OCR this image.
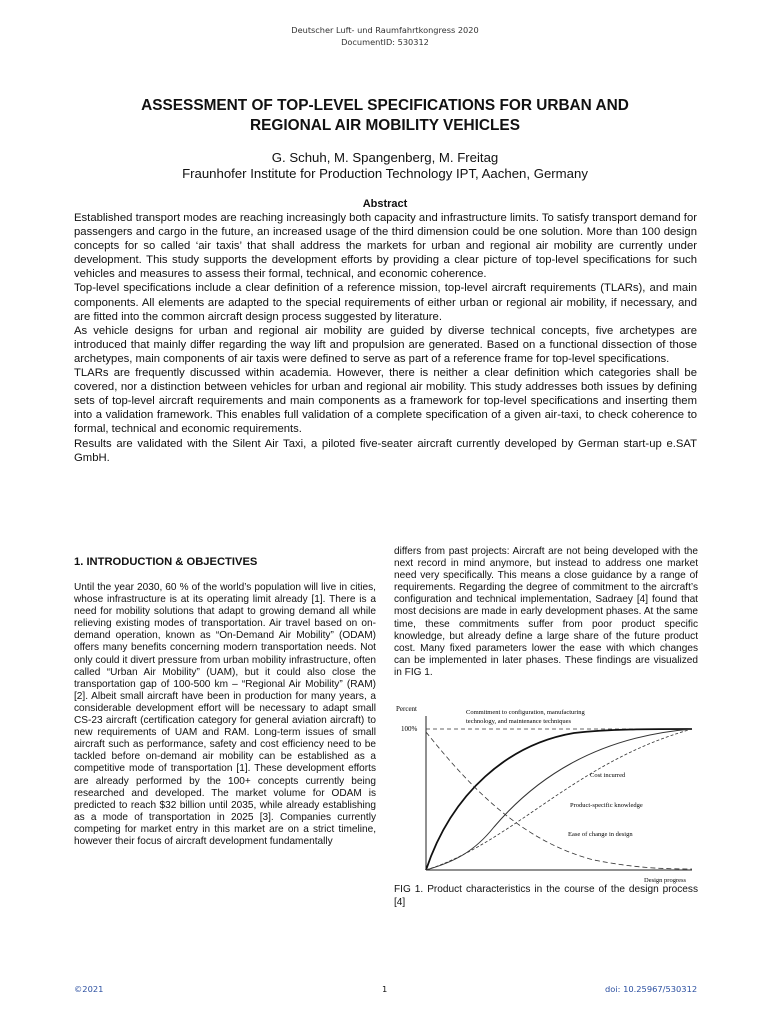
Deutscher Luft- und Raumfahrtkongress 2020
DocumentID: 530312
ASSESSMENT OF TOP-LEVEL SPECIFICATIONS FOR URBAN AND
REGIONAL AIR MOBILITY VEHICLES
G. Schuh, M. Spangenberg, M. Freitag
Fraunhofer Institute for Production Technology IPT, Aachen, Germany
Abstract
Established transport modes are reaching increasingly both capacity and infrastructure limits. To satisfy transport demand for passengers and cargo in the future, an increased usage of the third dimension could be one solution. More than 100 design concepts for so called ‘air taxis’ that shall address the markets for urban and regional air mobility are currently under development. This study supports the development efforts by providing a clear picture of top-level specifications for such vehicles and measures to assess their formal, technical, and economic coherence.
Top-level specifications include a clear definition of a reference mission, top-level aircraft requirements (TLARs), and main components. All elements are adapted to the special requirements of either urban or regional air mobility, if necessary, and are fitted into the common aircraft design process suggested by literature.
As vehicle designs for urban and regional air mobility are guided by diverse technical concepts, five archetypes are introduced that mainly differ regarding the way lift and propulsion are generated. Based on a functional dissection of those archetypes, main components of air taxis were defined to serve as part of a reference frame for top-level specifications.
TLARs are frequently discussed within academia. However, there is neither a clear definition which categories shall be covered, nor a distinction between vehicles for urban and regional air mobility. This study addresses both issues by defining sets of top-level aircraft requirements and main components as a framework for top-level specifications and inserting them into a validation framework. This enables full validation of a complete specification of a given air-taxi, to check coherence to formal, technical and economic requirements.
Results are validated with the Silent Air Taxi, a piloted five-seater aircraft currently developed by German start-up e.SAT GmbH.
1. INTRODUCTION & OBJECTIVES
Until the year 2030, 60 % of the world’s population will live in cities, whose infrastructure is at its operating limit already [1]. There is a need for mobility solutions that adapt to growing demand all while relieving existing modes of transportation. Air travel based on on-demand operation, known as “On-Demand Air Mobility” (ODAM) offers many benefits concerning modern transportation needs. Not only could it divert pressure from urban mobility infrastructure, often called “Urban Air Mobility” (UAM), but it could also close the transportation gap of 100-500 km – “Regional Air Mobility” (RAM) [2]. Albeit small aircraft have been in production for many years, a considerable development effort will be necessary to adapt small CS-23 aircraft (certification category for general aviation aircraft) to new requirements of UAM and RAM. Long-term issues of small aircraft such as performance, safety and cost efficiency need to be tackled before on-demand air mobility can be established as a competitive mode of transportation [1]. These development efforts are already performed by the 100+ concepts currently being researched and developed. The market volume for ODAM is predicted to reach $32 billion until 2035, while already establishing as a mode of transportation in 2025 [3]. Companies currently competing for market entry in this market are on a strict timeline, however their focus of aircraft development fundamentally
differs from past projects: Aircraft are not being developed with the next record in mind anymore, but instead to address one market need very specifically. This means a close guidance by a range of requirements. Regarding the degree of commitment to the aircraft’s configuration and technical implementation, Sadraey [4] found that most decisions are made in early development phases. At the same time, these commitments suffer from poor product specific knowledge, but already define a large share of the future product cost. Many fixed parameters lower the ease with which changes can be implemented in later phases. These findings are visualized in FIG 1.
Percent
100%
Commitment to configuration, manufacturing
technology, and maintenance techniques
Cost incurred
Product-specific knowledge
Ease of change in design
Design progress
FIG 1. Product characteristics in the course of the design process [4]
©2021	1	doi: 10.25967/530312
